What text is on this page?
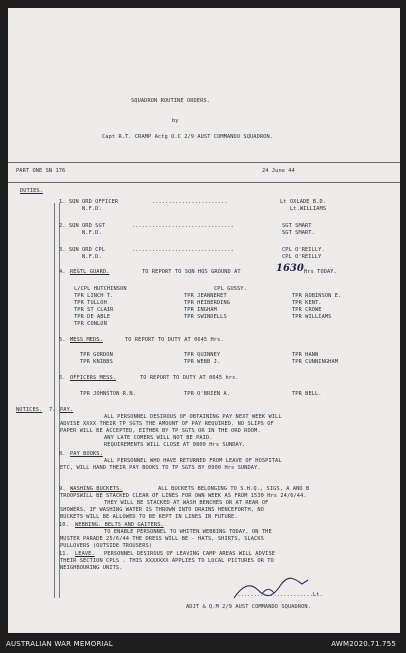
SQUADRON ROUTINE ORDERS.
by
Capt R.T. CRAMP Actg O.C 2/9 AUST COMMANDO SQUADRON.
PART ONE SN 176	24 June 44
DUTIES.
1. SQN ORD OFFICER	.......................	Lt OXLADE B.D.
N.F.D.	Lt.WILLIAMS
2. SQN ORD SGT	...............................	SGT SMART
N.F.D.	SGT SMART.
3. SQN ORD CPL	...............................	CPL O'REILLY.
N.F.D.	CPL O'REILLY
4. REGTL GUARD.	TO REPORT TO SQN HQS GROUND AT	1630 Hrs TODAY.
L/CPL HUTCHINSON	CPL GUSSY.
TPR LINCH T.	TPR JEANNERET	TPR ROBINSON E.
TPR TULLOH	TPR HEIBERDING	TPR KENT.
TPR ST CLAIR	TPR INGHAM	TPR CROWE
TPR DE ABLE	TPR SWINDELLS	TPR WILLIAMS
TPR CONLON
5. MESS MEDS.	TO REPORT TO DUTY AT 0645 Hrs.
TPR GORDON	TPR QUINNEY	TPR HANN
TPR KNIBBS	TPR WEBB J.	TPR CUNNINGHAM
6. OFFICERS MESS.	TO REPORT TO DUTY AT 0645 hrs.
TPR JOHNSTON R.N.	TPR O'BRIEN A.	TPR BELL.
NOTICES. 7. PAY.
ALL PERSONNEL DESIROUS OF OBTAINING PAY NEXT WEEK WILL
ADVISE XXXX THEIR TP SGTS THE AMOUNT OF PAY REQUIRED. NO SLIPS OF
PAPER WILL BE ACCEPTED, EITHER BY TP SGTS OR IN THE ORD ROOM.
ANY LATE COMERS WILL NOT BE PAID.
REQUIREMENTS WILL CLOSE AT 0800 Hrs SUNDAY.
8. PAY BOOKS.
ALL PERSONNEL WHO HAVE RETURNED FROM LEAVE OF HOSPITAL
ETC, WILL HAND THEIR PAY BOOKS TO TP SGTS BY 0900 Hrs SUNDAY.
9. WASHING BUCKETS.	ALL BUCKETS BELONGING TO S.H.Q., SIGS, A AND B
TROOPSWILL BE STACKED CLEAR OF LINES FOR OWN WEEK AS FROM 1530 Hrs 24/6/44.
THEY WILL BE STACKED AT WASH BENCHES OR AT REAR OF
SHOWERS. IF WASHING WATER IS THROWN INTO DRAINS HENCEFORTH, NO
BUCKETS WILL BE ALLOWED TO BE KEPT IN LINES IN FUTURE.
10. WEBBING. BELTS AND GAITERS.
TO ENABLE PERSONNEL TO WHITEN WEBBING TODAY, ON THE
MUSTER PARADE 25/6/44 THE DRESS WILL BE - HATS, SHIRTS, SLACKS
PULLOVERS (OUTSIDE TROUSERS)
11. LEAVE. PERSONNEL DESIROUS OF LEAVING CAMP AREAS WILL ADVISE
THEIR SECTION CPLS . THIS XXXXXXX APPLIES TO LOCAL PICTURES OR TO
NEIGHBOURING UNITS.
........................Lt.
ADJT & Q.M 2/9 AUST COMMANDO SQUADRON.
AUSTRALIAN WAR MEMORIAL	AWM2020.71.755
